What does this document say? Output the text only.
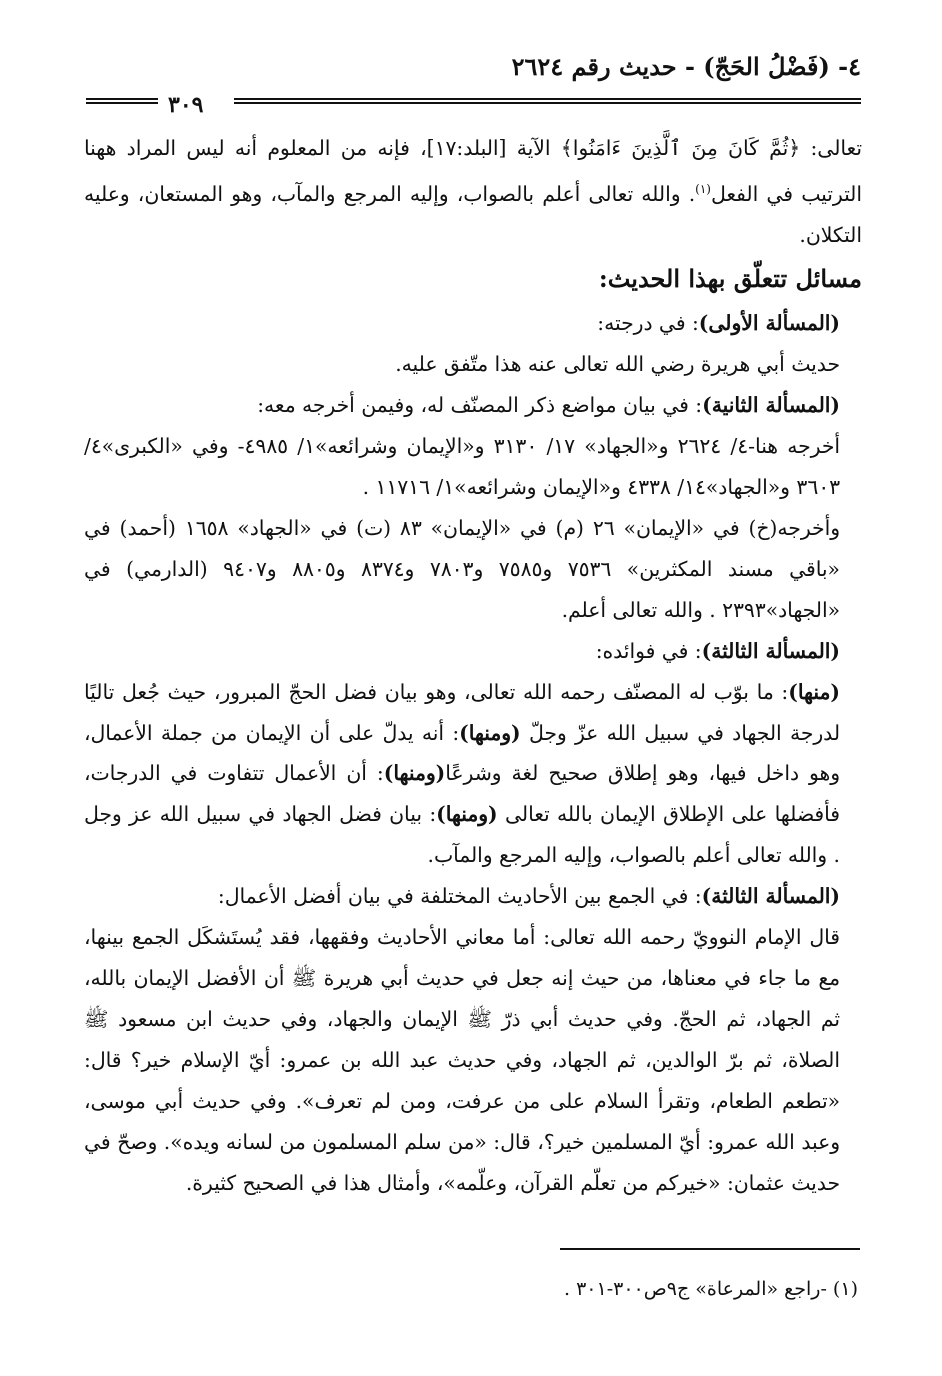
٤- (فَضْلُ الحَجّ) - حديث رقم ٢٦٢٤
٣٠٩

تعالى: ﴿ثُمَّ كَانَ مِنَ ٱلَّذِينَ ءَامَنُوا﴾ الآية [البلد:١٧]، فإنه من المعلوم أنه ليس المراد ههنا الترتيب في الفعل$^{(١)}$. والله تعالى أعلم بالصواب، وإليه المرجع والمآب، وهو المستعان، وعليه التكلان.

مسائل تتعلّق بهذا الحديث:

(المسألة الأولى): في درجته:

حديث أبي هريرة رضي الله تعالى عنه هذا متّفق عليه.

(المسألة الثانية): في بيان مواضع ذكر المصنّف له، وفيمن أخرجه معه:

أخرجه هنا-٤/ ٢٦٢٤ و«الجهاد» ١٧/ ٣١٣٠ و«الإيمان وشرائعه»١/ ٤٩٨٥- وفي «الكبرى»٤/ ٣٦٠٣ و«الجهاد»١٤/ ٤٣٣٨ و«الإيمان وشرائعه»١/ ١١٧١٦ .

وأخرجه(خ) في «الإيمان» ٢٦ (م) في «الإيمان» ٨٣ (ت) في «الجهاد» ١٦٥٨ (أحمد) في «باقي مسند المكثرين» ٧٥٣٦ و٧٥٨٥ و٧٨٠٣ و٨٣٧٤ و٨٨٠٥ و٩٤٠٧ (الدارمي) في «الجهاد»٢٣٩٣ . والله تعالى أعلم.

(المسألة الثالثة): في فوائده:

(منها): ما بوّب له المصنّف رحمه الله تعالى، وهو بيان فضل الحجّ المبرور، حيث جُعل تاليًا لدرجة الجهاد في سبيل الله عزّ وجلّ (ومنها): أنه يدلّ على أن الإيمان من جملة الأعمال، وهو داخل فيها، وهو إطلاق صحيح لغة وشرعًا(ومنها): أن الأعمال تتفاوت في الدرجات، فأفضلها على الإطلاق الإيمان بالله تعالى (ومنها): بيان فضل الجهاد في سبيل الله عز وجل . والله تعالى أعلم بالصواب، وإليه المرجع والمآب.

(المسألة الثالثة): في الجمع بين الأحاديث المختلفة في بيان أفضل الأعمال:

قال الإمام النوويّ رحمه الله تعالى: أما معاني الأحاديث وفقهها، فقد يُستَشكَل الجمع بينها، مع ما جاء في معناها، من حيث إنه جعل في حديث أبي هريرة ﷺ أن الأفضل الإيمان بالله، ثم الجهاد، ثم الحجّ. وفي حديث أبي ذرّ ﷺ الإيمان والجهاد، وفي حديث ابن مسعود ﷺ الصلاة، ثم برّ الوالدين، ثم الجهاد، وفي حديث عبد الله بن عمرو: أيّ الإسلام خير؟ قال: «تطعم الطعام، وتقرأ السلام على من عرفت، ومن لم تعرف». وفي حديث أبي موسى، وعبد الله عمرو: أيّ المسلمين خير؟، قال: «من سلم المسلمون من لسانه ويده». وصحّ في حديث عثمان: «خيركم من تعلّم القرآن، وعلّمه»، وأمثال هذا في الصحيح كثيرة.

(١) -راجع «المرعاة» ج٩ص٣٠٠-٣٠١ .
